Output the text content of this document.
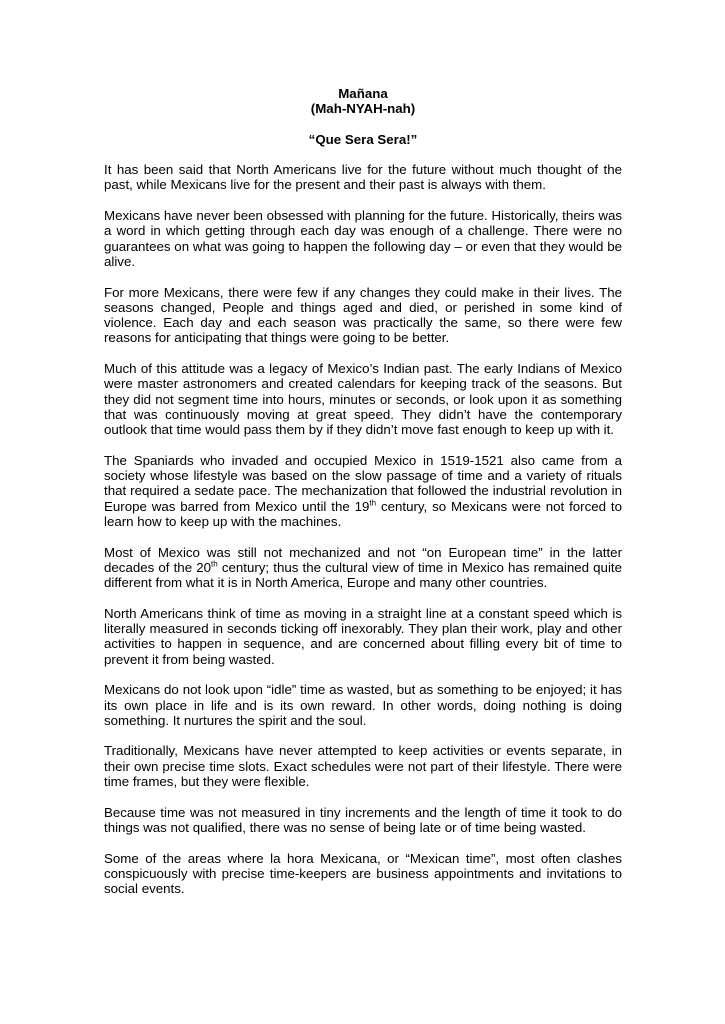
Mañana
(Mah-NYAH-nah)
“Que Sera Sera!”

It has been said that North Americans live for the future without much thought of the past, while Mexicans live for the present and their past is always with them.

Mexicans have never been obsessed with planning for the future. Historically, theirs was a word in which getting through each day was enough of a challenge. There were no guarantees on what was going to happen the following day – or even that they would be alive.

For more Mexicans, there were few if any changes they could make in their lives. The seasons changed, People and things aged and died, or perished in some kind of violence. Each day and each season was practically the same, so there were few reasons for anticipating that things were going to be better.

Much of this attitude was a legacy of Mexico’s Indian past. The early Indians of Mexico were master astronomers and created calendars for keeping track of the seasons. But they did not segment time into hours, minutes or seconds, or look upon it as something that was continuously moving at great speed. They didn’t have the contemporary outlook that time would pass them by if they didn’t move fast enough to keep up with it.

The Spaniards who invaded and occupied Mexico in 1519-1521 also came from a society whose lifestyle was based on the slow passage of time and a variety of rituals that required a sedate pace. The mechanization that followed the industrial revolution in Europe was barred from Mexico until the 19th century, so Mexicans were not forced to learn how to keep up with the machines.

Most of Mexico was still not mechanized and not “on European time” in the latter decades of the 20th century; thus the cultural view of time in Mexico has remained quite different from what it is in North America, Europe and many other countries.

North Americans think of time as moving in a straight line at a constant speed which is literally measured in seconds ticking off inexorably. They plan their work, play and other activities to happen in sequence, and are concerned about filling every bit of time to prevent it from being wasted.

Mexicans do not look upon “idle” time as wasted, but as something to be enjoyed; it has its own place in life and is its own reward. In other words, doing nothing is doing something. It nurtures the spirit and the soul.

Traditionally, Mexicans have never attempted to keep activities or events separate, in their own precise time slots. Exact schedules were not part of their lifestyle. There were time frames, but they were flexible.

Because time was not measured in tiny increments and the length of time it took to do things was not qualified, there was no sense of being late or of time being wasted.

Some of the areas where la hora Mexicana, or “Mexican time”, most often clashes conspicuously with precise time-keepers are business appointments and invitations to social events.
